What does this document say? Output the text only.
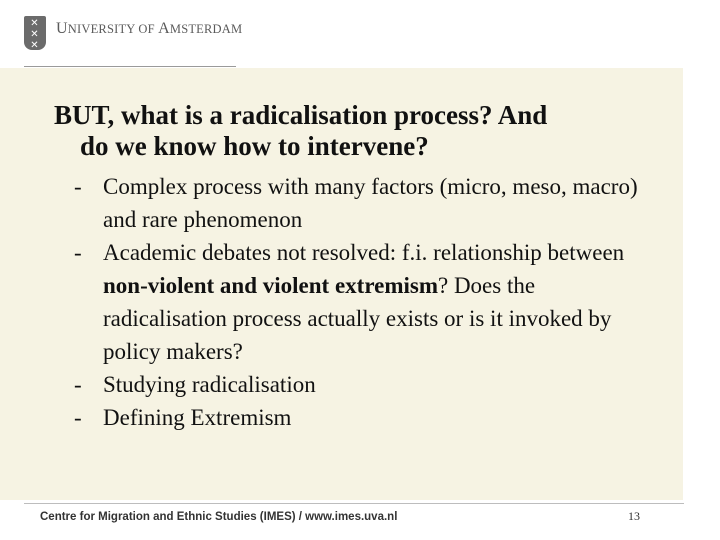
✕
✕
✕
UNIVERSITY OF AMSTERDAM
BUT, what is a radicalisation process? And
do we know how to intervene?
- Complex process with many factors (micro, meso, macro) and rare phenomenon
- Academic debates not resolved: f.i. relationship between non-violent and violent extremism? Does the radicalisation process actually exists or is it invoked by policy makers?
- Studying radicalisation
- Defining Extremism
Centre for Migration and Ethnic Studies (IMES) / www.imes.uva.nl	13
